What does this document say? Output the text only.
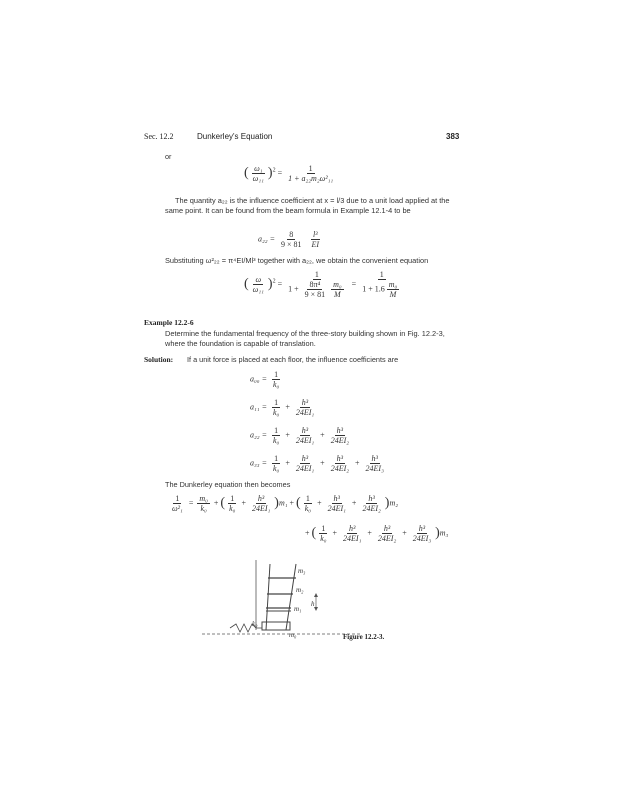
Sec. 12.2	Dunkerley's Equation	383
or
( $\frac{\text{ω₁}}{\text{ω₁₁}} )^2 = \frac{1}{\text{1 + a₂₂m₂ω²₁₁}}$
The quantity a₂₂ is the influence coefficient at x = l/3 due to a unit load applied at the same point. It can be found from the beam formula in Example 12.1-4 to be
$a_{22} = \frac{8}{9 \times 81}$
$\frac{\text{l³}}{EI}$
Substituting ω²₂₂ = π⁴EI/Ml³ together with a₂₂, we obtain the convenient equation
( $\frac{\omega}{\text{ω₁₁}} )^2 = \frac{1}{1 + \frac{\text{8π⁴}}{9 \times 81} \frac{\text{m₀}}{M}} = \frac{1}{1 + 1.6 \frac{\text{m₀}}{M}}$
Example 12.2-6
Determine the fundamental frequency of the three-story building shown in Fig. 12.2-3, where the foundation is capable of translation.
Solution: If a unit force is placed at each floor, the influence coefficients are
$a_{00} = \frac{1}{\text{k₀}}$
$a_{11} = \frac{1}{\text{k₀}} + \frac{\text{h³}}{\text{24EI₁}}$
$a_{22} = \frac{1}{\text{k₀}} + \frac{\text{h³}}{\text{24EI₁}} + \frac{\text{h³}}{\text{24EI₂}}$
$a_{33} = \frac{1}{\text{k₀}} + \frac{\text{h³}}{\text{24EI₁}} + \frac{\text{h³}}{\text{24EI₂}} + \frac{\text{h³}}{\text{24EI₃}}$
The Dunkerley equation then becomes
$\frac{1}{\text{ω²₁}} = \frac{\text{m₀}}{\text{k₀}}$ + ( $\frac{1}{\text{k₀}} + \frac{\text{h³}}{\text{24EI₁}} )m_1$ + ( $\frac{1}{\text{k₀}} + \frac{\text{h³}}{\text{24EI₁}} + \frac{\text{h³}}{\text{24EI₂}} )m_2$
+ ( $\frac{1}{\text{k₀}} + \frac{\text{h³}}{\text{24EI₁}} + \frac{\text{h³}}{\text{24EI₂}} + \frac{\text{h³}}{\text{24EI₃}} )m_3$
m₃
m₂
m₁
k₀
m₀
h
Figure 12.2-3.
